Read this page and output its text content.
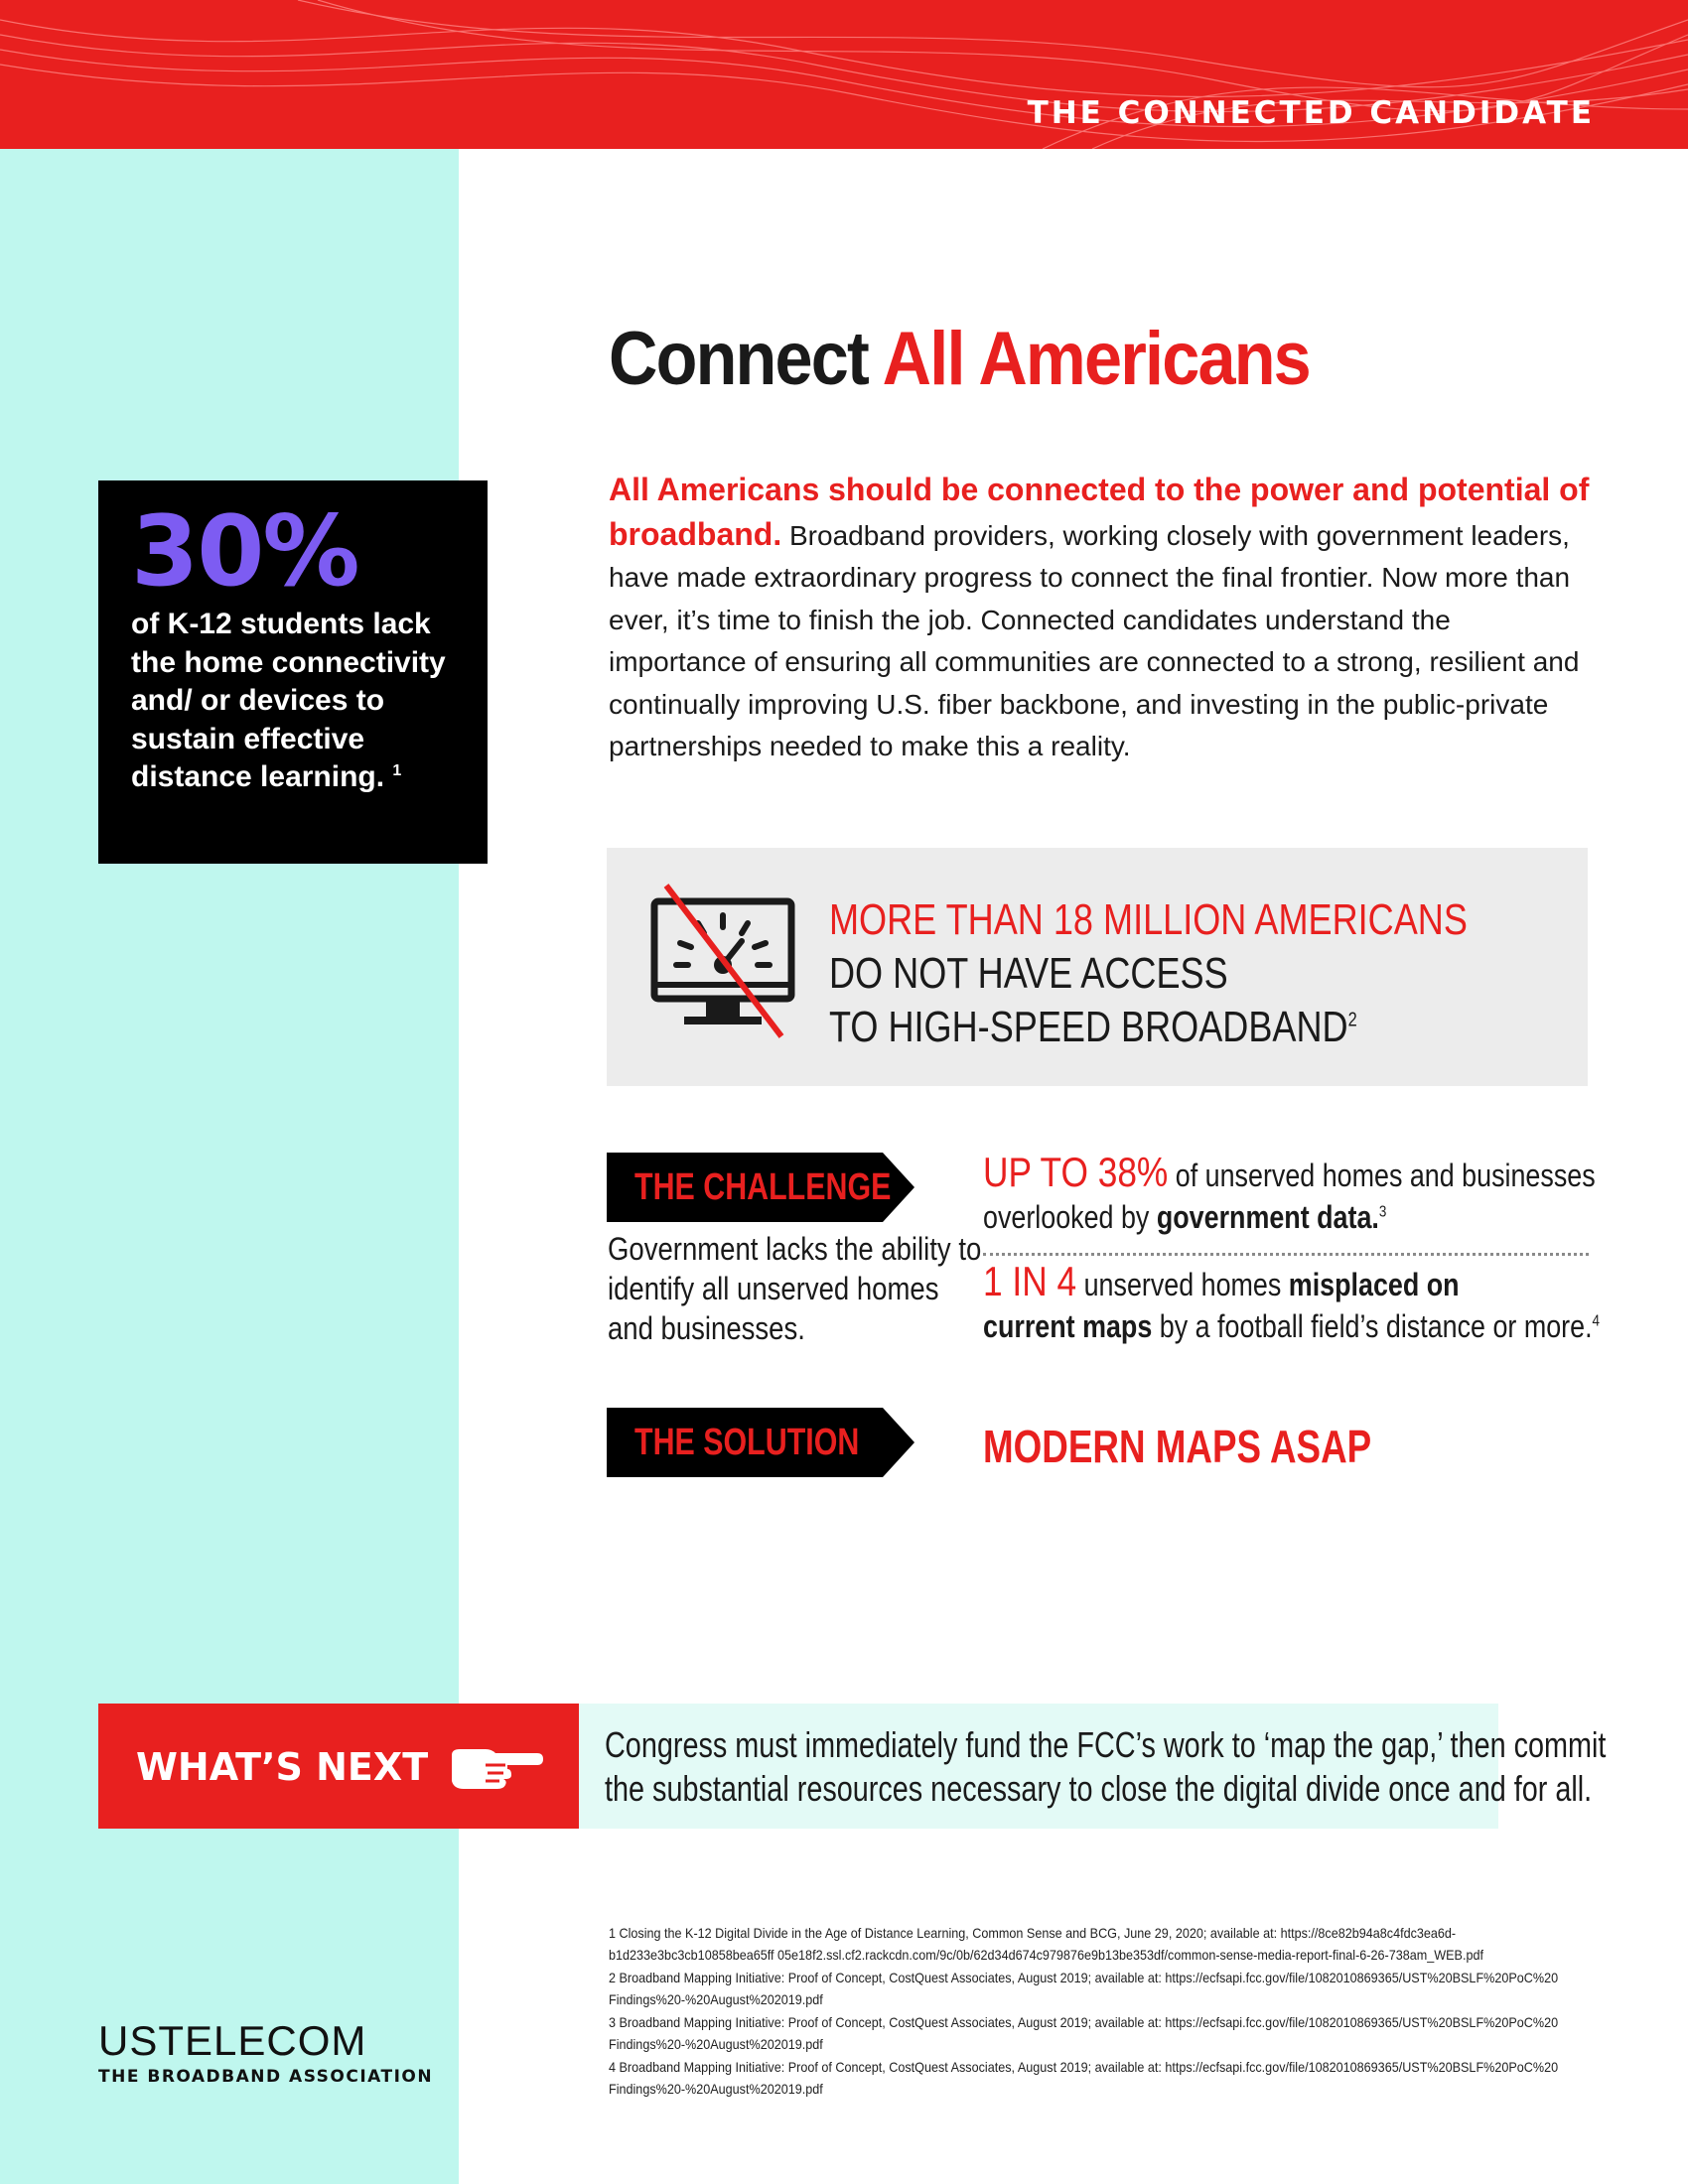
THE CONNECTED CANDIDATE
30%
of K-12 students lack the home connectivity and/ or devices to sustain effective distance learning. $^1$
Connect All Americans
All Americans should be connected to the power and potential of broadband. Broadband providers, working closely with government leaders, have made extraordinary progress to connect the final frontier. Now more than ever, it’s time to finish the job. Connected candidates understand the importance of ensuring all communities are connected to a strong, resilient and continually improving U.S. fiber backbone, and investing in the public-private partnerships needed to make this a reality.
MORE THAN 18 MILLION AMERICANS
DO NOT HAVE ACCESS
TO HIGH-SPEED BROADBAND$^2$
THE CHALLENGE
Government lacks the ability to identify all unserved homes and businesses.
UP TO 38% of unserved homes and businesses
overlooked by government data.$^3$
1 IN 4 unserved homes misplaced on
current maps by a football field’s distance or more.$^4$
THE SOLUTION	MODERN MAPS ASAP
WHAT’S NEXT
Congress must immediately fund the FCC’s work to ‘map the gap,’ then commit
the substantial resources necessary to close the digital divide once and for all.
1 Closing the K-12 Digital Divide in the Age of Distance Learning, Common Sense and BCG, June 29, 2020; available at: https://8ce82b94a8c4fdc3ea6d-b1d233e3bc3cb10858bea65ff 05e18f2.ssl.cf2.rackcdn.com/9c/0b/62d34d674c979876e9b13be353df/common-sense-media-report-final-6-26-738am_WEB.pdf
2 Broadband Mapping Initiative: Proof of Concept, CostQuest Associates, August 2019; available at: https://ecfsapi.fcc.gov/file/1082010869365/UST%20BSLF%20PoC%20 Findings%20-%20August%202019.pdf
3 Broadband Mapping Initiative: Proof of Concept, CostQuest Associates, August 2019; available at: https://ecfsapi.fcc.gov/file/1082010869365/UST%20BSLF%20PoC%20 Findings%20-%20August%202019.pdf
4 Broadband Mapping Initiative: Proof of Concept, CostQuest Associates, August 2019; available at: https://ecfsapi.fcc.gov/file/1082010869365/UST%20BSLF%20PoC%20 Findings%20-%20August%202019.pdf
USTELECOM
THE BROADBAND ASSOCIATION
